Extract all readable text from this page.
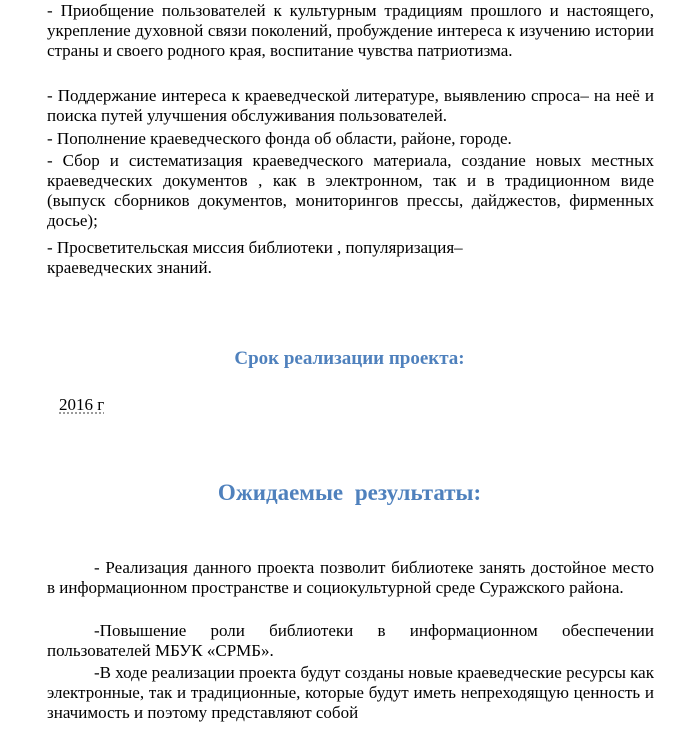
- Приобщение пользователей к культурным традициям прошлого и настоящего, укрепление духовной связи поколений, пробуждение интереса к изучению истории страны и своего родного края, воспитание чувства патриотизма.

- Поддержание интереса к краеведческой литературе, выявлению спроса– на неё и поиска путей улучшения обслуживания пользователей.

- Пополнение краеведческого фонда об области, районе, городе.

- Сбор и систематизация краеведческого материала, создание новых местных краеведческих документов , как в электронном, так и в традиционном виде (выпуск сборников документов, мониторингов прессы, дайджестов, фирменных досье);

- Просветительская миссия библиотеки , популяризация– краеведческих знаний.

Срок реализации проекта:

2016 г

Ожидаемые результаты:

- Реализация данного проекта позволит библиотеке занять достойное место в информационном пространстве и социокультурной среде Суражского района.

-Повышение роли библиотеки в информационном обеспечении пользователей МБУК «СРМБ».

-В ходе реализации проекта будут созданы новые краеведческие ресурсы как электронные, так и традиционные, которые будут иметь непреходящую ценность и значимость и поэтому представляют собой
